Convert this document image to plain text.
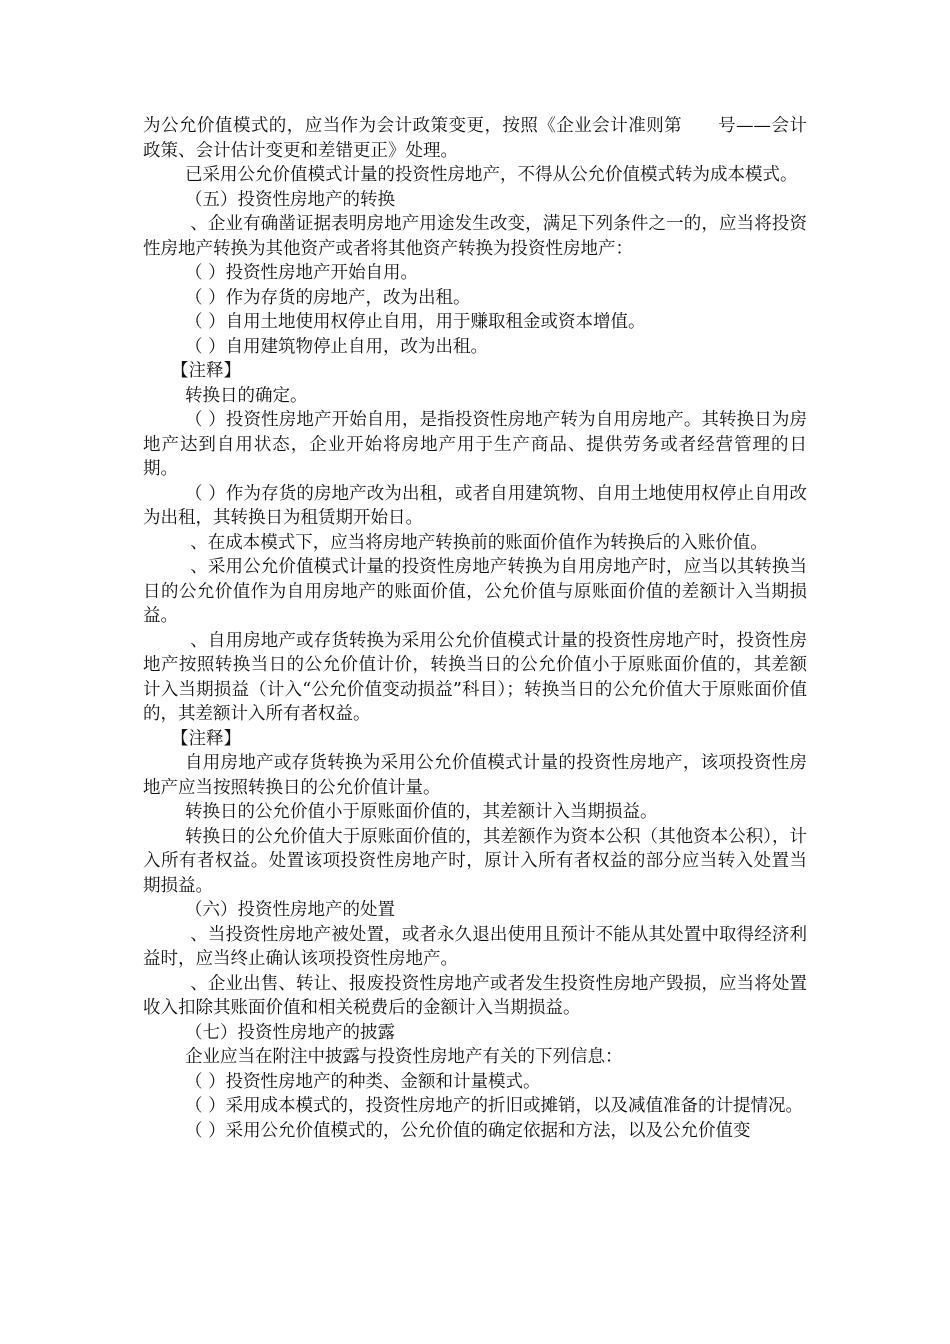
为公允价值模式的，应当作为会计政策变更，按照《企业会计准则第　　号——会计政策、会计估计变更和差错更正》处理。

已采用公允价值模式计量的投资性房地产，不得从公允价值模式转为成本模式。

（五）投资性房地产的转换

、企业有确凿证据表明房地产用途发生改变，满足下列条件之一的，应当将投资性房地产转换为其他资产或者将其他资产转换为投资性房地产：

（ ）投资性房地产开始自用。

（ ）作为存货的房地产，改为出租。

（ ）自用土地使用权停止自用，用于赚取租金或资本增值。

（ ）自用建筑物停止自用，改为出租。

【注释】

转换日的确定。

（ ）投资性房地产开始自用，是指投资性房地产转为自用房地产。其转换日为房地产达到自用状态，企业开始将房地产用于生产商品、提供劳务或者经营管理的日期。

（ ）作为存货的房地产改为出租，或者自用建筑物、自用土地使用权停止自用改为出租，其转换日为租赁期开始日。

、在成本模式下，应当将房地产转换前的账面价值作为转换后的入账价值。

、采用公允价值模式计量的投资性房地产转换为自用房地产时，应当以其转换当日的公允价值作为自用房地产的账面价值，公允价值与原账面价值的差额计入当期损益。

、自用房地产或存货转换为采用公允价值模式计量的投资性房地产时，投资性房地产按照转换当日的公允价值计价，转换当日的公允价值小于原账面价值的，其差额计入当期损益（计入“公允价值变动损益”科目）；转换当日的公允价值大于原账面价值的，其差额计入所有者权益。

【注释】

自用房地产或存货转换为采用公允价值模式计量的投资性房地产，该项投资性房地产应当按照转换日的公允价值计量。

转换日的公允价值小于原账面价值的，其差额计入当期损益。

转换日的公允价值大于原账面价值的，其差额作为资本公积（其他资本公积），计入所有者权益。处置该项投资性房地产时，原计入所有者权益的部分应当转入处置当期损益。

（六）投资性房地产的处置

、当投资性房地产被处置，或者永久退出使用且预计不能从其处置中取得经济利益时，应当终止确认该项投资性房地产。

、企业出售、转让、报废投资性房地产或者发生投资性房地产毁损，应当将处置收入扣除其账面价值和相关税费后的金额计入当期损益。

（七）投资性房地产的披露

企业应当在附注中披露与投资性房地产有关的下列信息：

（ ）投资性房地产的种类、金额和计量模式。

（ ）采用成本模式的，投资性房地产的折旧或摊销，以及减值准备的计提情况。

（ ）采用公允价值模式的，公允价值的确定依据和方法，以及公允价值变
